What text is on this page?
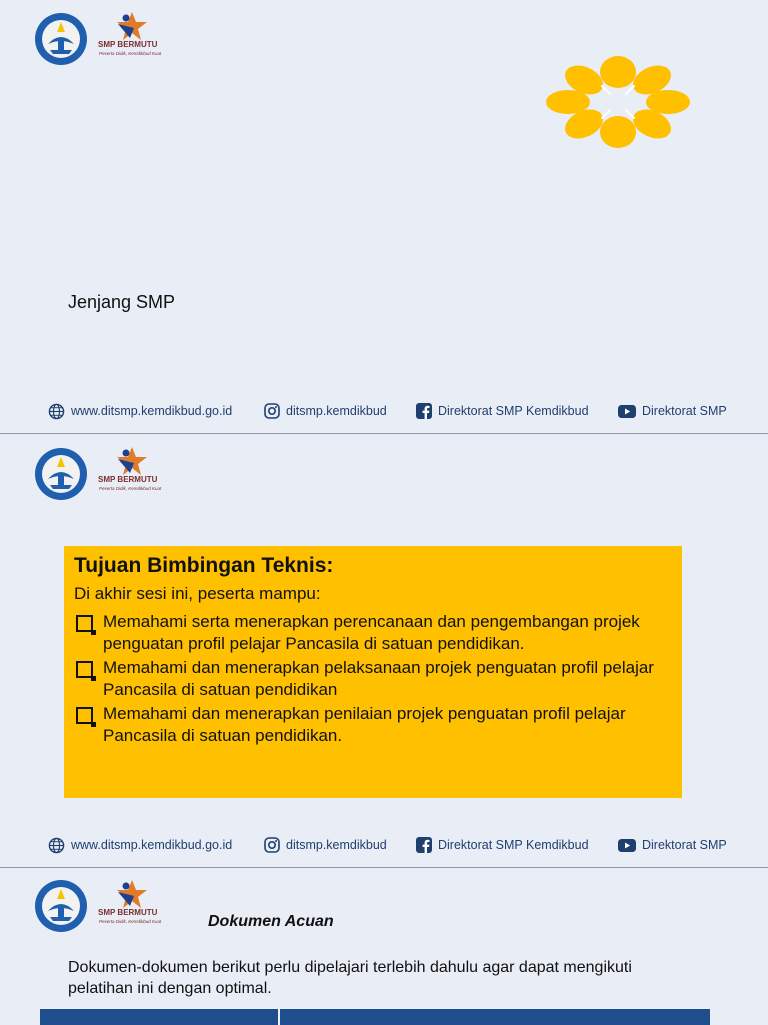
SMP BERMUTU
Peserta Didik, Kemdikbud Kuat
Jenjang SMP
www.ditsmp.kemdikbud.go.id	ditsmp.kemdikbud	Direktorat SMP Kemdikbud	Direktorat SMP
SMP BERMUTU
Peserta Didik, Kemdikbud Kuat
Tujuan Bimbingan Teknis:
Di akhir sesi ini, peserta mampu:
Memahami serta menerapkan perencanaan dan pengembangan projek penguatan profil pelajar Pancasila di satuan pendidikan.
Memahami dan menerapkan pelaksanaan projek penguatan profil pelajar Pancasila di satuan pendidikan
Memahami dan menerapkan penilaian projek penguatan profil pelajar Pancasila di satuan pendidikan.
www.ditsmp.kemdikbud.go.id	ditsmp.kemdikbud	Direktorat SMP Kemdikbud	Direktorat SMP
SMP BERMUTU
Peserta Didik, Kemdikbud Kuat	Dokumen Acuan
Dokumen-dokumen berikut perlu dipelajari terlebih dahulu agar dapat mengikuti pelatihan ini dengan optimal.
